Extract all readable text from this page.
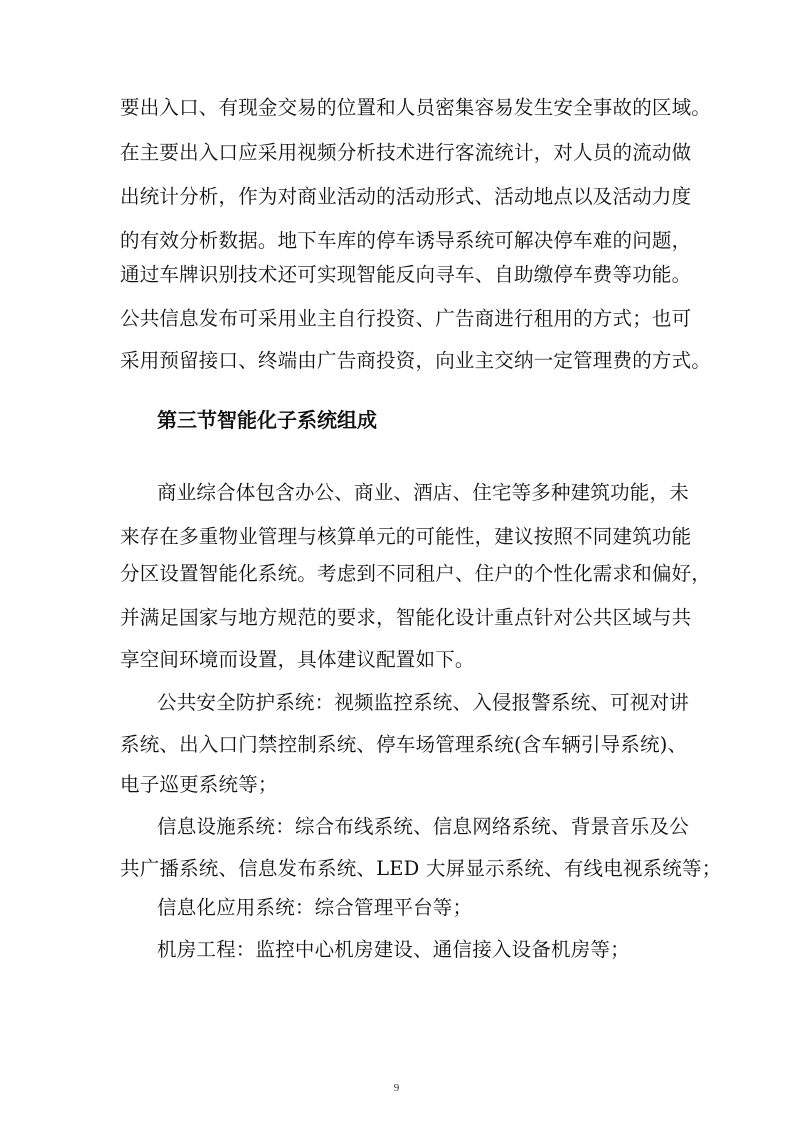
要出入口、有现金交易的位置和人员密集容易发生安全事故的区域。
在主要出入口应采用视频分析技术进行客流统计，对人员的流动做
出统计分析，作为对商业活动的活动形式、活动地点以及活动力度
的有效分析数据。地下车库的停车诱导系统可解决停车难的问题，
通过车牌识别技术还可实现智能反向寻车、自助缴停车费等功能。
公共信息发布可采用业主自行投资、广告商进行租用的方式；也可
采用预留接口、终端由广告商投资，向业主交纳一定管理费的方式。
第三节智能化子系统组成
商业综合体包含办公、商业、酒店、住宅等多种建筑功能，未
来存在多重物业管理与核算单元的可能性，建议按照不同建筑功能
分区设置智能化系统。考虑到不同租户、住户的个性化需求和偏好，
并满足国家与地方规范的要求，智能化设计重点针对公共区域与共
享空间环境而设置，具体建议配置如下。
公共安全防护系统：视频监控系统、入侵报警系统、可视对讲
系统、出入口门禁控制系统、停车场管理系统(含车辆引导系统)、
电子巡更系统等；
信息设施系统：综合布线系统、信息网络系统、背景音乐及公
共广播系统、信息发布系统、LED 大屏显示系统、有线电视系统等；
信息化应用系统：综合管理平台等；
机房工程：监控中心机房建设、通信接入设备机房等；
9
